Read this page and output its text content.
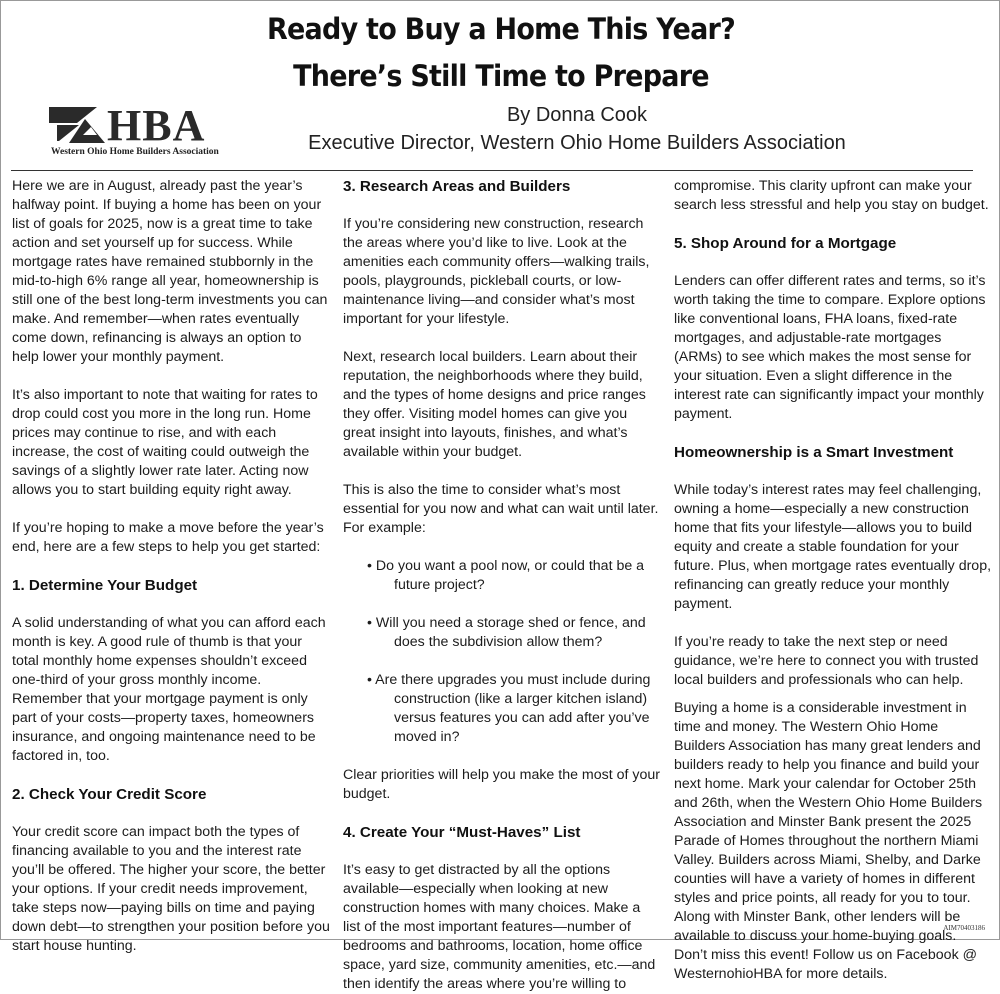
Ready to Buy a Home This Year?
There’s Still Time to Prepare
HBA
Western Ohio Home Builders Association
By Donna Cook
Executive Director, Western Ohio Home Builders Association

Here we are in August, already past the year’s halfway point. If buying a home has been on your list of goals for 2025, now is a great time to take action and set yourself up for success. While mortgage rates have remained stubbornly in the mid-to-high 6% range all year, homeownership is still one of the best long-term investments you can make. And remember—when rates eventually come down, refinancing is always an option to help lower your monthly payment.

It’s also important to note that waiting for rates to drop could cost you more in the long run. Home prices may continue to rise, and with each increase, the cost of waiting could outweigh the savings of a slightly lower rate later. Acting now allows you to start building equity right away.

If you’re hoping to make a move before the year’s end, here are a few steps to help you get started:

1. Determine Your Budget

A solid understanding of what you can afford each month is key. A good rule of thumb is that your total monthly home expenses shouldn’t exceed one-third of your gross monthly income. Remember that your mortgage payment is only part of your costs—property taxes, homeowners insurance, and ongoing maintenance need to be factored in, too.

2. Check Your Credit Score

Your credit score can impact both the types of financing available to you and the interest rate you’ll be offered. The higher your score, the better your options. If your credit needs improvement, take steps now—paying bills on time and paying down debt—to strengthen your position before you start house hunting.

3. Research Areas and Builders

If you’re considering new construction, research the areas where you’d like to live. Look at the amenities each community offers—walking trails, pools, playgrounds, pickleball courts, or low-maintenance living—and consider what’s most important for your lifestyle.

Next, research local builders. Learn about their reputation, the neighborhoods where they build, and the types of home designs and price ranges they offer. Visiting model homes can give you great insight into layouts, finishes, and what’s available within your budget.

This is also the time to consider what’s most essential for you now and what can wait until later. For example:

• Do you want a pool now, or could that be a future project?
• Will you need a storage shed or fence, and does the subdivision allow them?
• Are there upgrades you must include during construction (like a larger kitchen island) versus features you can add after you’ve moved in?

Clear priorities will help you make the most of your budget.

4. Create Your “Must-Haves” List

It’s easy to get distracted by all the options available—especially when looking at new construction homes with many choices. Make a list of the most important features—number of bedrooms and bathrooms, location, home office space, yard size, community amenities, etc.—and then identify the areas where you’re willing to

compromise. This clarity upfront can make your search less stressful and help you stay on budget.

5. Shop Around for a Mortgage

Lenders can offer different rates and terms, so it’s worth taking the time to compare. Explore options like conventional loans, FHA loans, fixed-rate mortgages, and adjustable-rate mortgages (ARMs) to see which makes the most sense for your situation. Even a slight difference in the interest rate can significantly impact your monthly payment.

Homeownership is a Smart Investment

While today’s interest rates may feel challenging, owning a home—especially a new construction home that fits your lifestyle—allows you to build equity and create a stable foundation for your future. Plus, when mortgage rates eventually drop, refinancing can greatly reduce your monthly payment.

If you’re ready to take the next step or need guidance, we’re here to connect you with trusted local builders and professionals who can help.

Buying a home is a considerable investment in time and money. The Western Ohio Home Builders Association has many great lenders and builders ready to help you finance and build your next home. Mark your calendar for October 25th and 26th, when the Western Ohio Home Builders Association and Minster Bank present the 2025 Parade of Homes throughout the northern Miami Valley. Builders across Miami, Shelby, and Darke counties will have a variety of homes in different styles and price points, all ready for you to tour. Along with Minster Bank, other lenders will be available to discuss your home-buying goals. Don’t miss this event! Follow us on Facebook @ WesternohioHBA for more details.

AIM70403186
